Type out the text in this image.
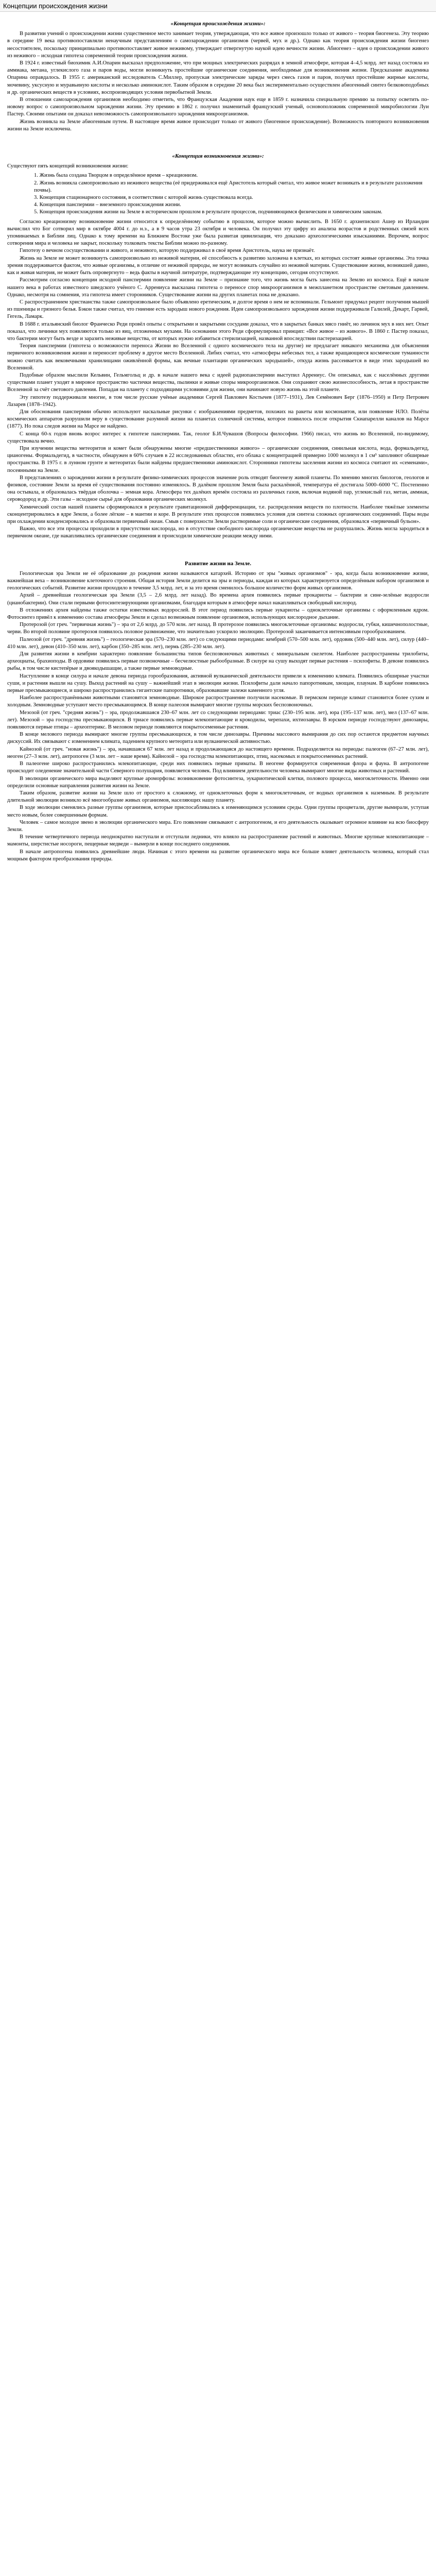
Концепции происхождения жизни
«Концепция происхождения жизни»:

В развитии учений о происхождении жизни существенное место занимает теория, утверждающая, что все живое произошло только от живого – теория биогенеза. Эту теорию в середине 19 века противопоставляли ненаучным представлениям о самозарождении организмов (червей, мух и др.). Однако как теория происхождения жизни биогенез несостоятелен, поскольку принципиально противопоставляет живое неживому, утверждает отвергнутую наукой идею вечности жизни. Абиогенез – идея о происхождении живого из неживого – исходная гипотеза современной теории происхождения жизни.

В 1924 г. известный биохимик А.И.Опарин высказал предположение, что при мощных электрических разрядах в земной атмосфере, которая 4–4,5 млрд. лет назад состояла из аммиака, метана, углекислого газа и паров воды, могли возникнуть простейшие органические соединения, необходимые для возникновения жизни. Предсказание академика Опарина оправдалось. В 1955 г. американский исследователь С.Миллер, пропуская электрические заряды через смесь газов и паров, получил простейшие жирные кислоты, мочевину, уксусную и муравьиную кислоты и несколько аминокислот. Таким образом в середине 20 века был экспериментально осуществлен абиогенный синтез белковоподобных и др. органических веществ в условиях, воспроизводящих условия первобытной Земли.

В отношении самозарождения организмов необходимо отметить, что Французская Академия наук еще в 1859 г. назначила специальную премию за попытку осветить по-новому вопрос о самопроизвольном зарождении жизни. Эту премию в 1862 г. получил знаменитый французский ученый, основоположник современной микробиологии Луи Пастер. Своими опытами он доказал невозможность самопроизвольного зарождения микроорганизмов.

Жизнь возникла на Земле абиогенным путем. В настоящее время живое происходит только от живого (биогенное происхождение). Возможность повторного возникновения жизни на Земле исключена.

«Концепция возникновения жизни»:

Существуют пять концепций возникновения жизни:

1. Жизнь была создана Творцом в определённое время – креационизм.
2. Жизнь возникла самопроизвольно из неживого вещества (её придерживался ещё Аристотель который считал, что живое может возникать и в результате разложения почвы).
3. Концепция стационарного состояния, в соответствии с которой жизнь существовала всегда.
4. Концепция панспермии – внеземного происхождения жизни.
5. Концепция происхождения жизни на Земле в историческом прошлом в результате процессов, подчиняющимся физическим и химическим законам.

Согласно креационизму возникновение жизни относится к определённому событию в прошлом, которое можно вычислить. В 1650 г. архиепископ Ашер из Ирландии вычислил что Бог сотворил мир в октябре 4004 г. до н.э., а в 9 часов утра 23 октября и человека. Он получил эту цифру из анализа возрастов и родственных связей всех упоминаемых в Библии лиц. Однако к тому времени на Ближнем Востоке уже была развитая цивилизация, что доказано археологическими изысканиями. Впрочем, вопрос сотворения мира и человека не закрыт, поскольку толковать тексты Библии можно по-разному.

Гипотезу о вечном сосуществовании и живого, и неживого, которую поддерживал в своё время Аристотель, наука не признаёт.

Жизнь на Земле не может возникнуть самопроизвольно из неживой материи, её способность к развитию заложена в клетках, из которых состоят живые организмы. Эта точка зрения поддерживается фактом, что живые организмы, в отличие от неживой природы, не могут возникать случайно из неживой материи. Существование жизни, возникшей давно, как и живая материя, не может быть опровергнуто – ведь факты в научной литературе, подтверждающие эту концепцию, сегодня отсутствуют.

Рассмотрим согласно концепции исходной панспермии появление жизни на Земле – признание того, что жизнь могла быть занесена на Землю из космоса. Ещё в начале нашего века в работах известного шведского учёного С. Аррениуса высказана гипотеза о переносе спор микроорганизмов в межпланетном пространстве световым давлением. Однако, несмотря на сомнения, эта гипотеза имеет сторонников. Существование жизни на других планетах пока не доказано.

С распространением христианства также самопроизвольное было объявлено еретическим, и долгое время о нем не вспоминали. Гельмонт придумал рецепт получения мышей из пшеницы и грязного белья. Бэкон также считал, что гниение есть зародыш нового рождения. Идеи самопроизвольного зарождения жизни поддерживали Галилей, Декарт, Гарвей, Гегель, Ламарк.

В 1688 г. итальянский биолог Франческо Реди провёл опыты с открытыми и закрытыми сосудами доказал, что в закрытых банках мясо гниёт, но личинок мух в них нет. Опыт показал, что личинки мух появляются только из яиц, отложенных мухами. На основании этого Реди сформулировал принцип: «Все живое – из живого». В 1860 г. Пастер показал, что бактерии могут быть везде и заразить неживые вещества, от которых нужно избавиться стерилизацией, названной впоследствии пастеризацией.

Теория панспермии (гипотеза о возможности переноса Жизни во Вселенной с одного космического тела на другие) не предлагает никакого механизма для объяснения первичного возникновения жизни и переносит проблему в другое место Вселенной. Либих считал, что «атмосферы небесных тел, а также вращающиеся космические туманности можно считать как вековечными хранилищами оживлённой формы, как вечные плантации органических зародышей», откуда жизнь рассеивается в виде этих зародышей во Вселенной.

Подобные образом мыслили Кельвин, Гельмгольц и др. в начале нашего века с идеей радиопанспермии выступил Аррениус. Он описывал, как с населённых другими существами планет уходят в мировое пространство частички вещества, пылинки и живые споры микроорганизмов. Они сохраняют свою жизнеспособность, летая в пространстве Вселенной за счёт светового давления. Попадая на планету с подходящими условиями для жизни, они начинают новую жизнь на этой планете.

Эту гипотезу поддерживали многие, в том числе русские учёные академики Сергей Павлович Костычев (1877–1931), Лев Семёнович Берг (1876–1950) и Петр Петрович Лазарев (1878–1942).

Для обоснования панспермии обычно используют наскальные рисунки с изображениями предметов, похожих на ракеты или космонавтов, или появление НЛО. Полёты космических аппаратов разрушили веру в существование разумной жизни на планетах солнечной системы, которое появилось после открытия Скиапарелли каналов на Марсе (1877). Но пока следов жизни на Марсе не найдено.

С конца 60-х годов вновь возрос интерес к гипотезе панспермии. Так, геолог Б.И.Чувашов (Вопросы философии. 1966) писал, что жизнь во Вселенной, по-видимому, существовала вечно.

При изучении вещества метеоритов и комет были обнаружены многие «предшественники живого» – органические соединения, синильная кислота, вода, формальдегид, цианогены. Формальдегид, в частности, обнаружен в 60% случаев в 22 исследованных областях, его облака с концентрацией примерно 1000 молекул в 1 см³ заполняют обширные пространства. В 1975 г. в лунном грунте и метеоритах были найдены предшественники аминокислот. Сторонники гипотезы заселения жизни из космоса считают их «семенами», посеянными на Земле.

В представлениях о зарождении жизни в результате физико-химических процессов значение роль отводят биогенезу живой планеты. По мнению многих биологов, геологов и физиков, состояние Земли за время её существования постоянно изменялось. В далёком прошлом Земля была раскалённой, температура её достигала 5000–6000 °С. Постепенно она остывала, и образовалась твёрдая оболочка – земная кора. Атмосфера тех далёких времён состояла из различных газов, включая водяной пар, углекислый газ, метан, аммиак, сероводород и др. Эти газы – исходное сырьё для образования органических молекул.

Химический состав нашей планеты сформировался в результате гравитационной дифференциации, т.е. распределения веществ по плотности. Наиболее тяжёлые элементы сконцентрировались в ядре Земли, а более лёгкие – в мантии и коре. В результате этих процессов появились условия для синтеза сложных органических соединений. Пары воды при охлаждении конденсировались и образовали первичный океан. Смыв с поверхности Земли растворимые соли и органические соединения, образовался «первичный бульон».

Важно, что все эти процессы проходили в присутствии кислорода, но в отсутствие свободного кислорода органические вещества не разрушались. Жизнь могла зародиться в первичном океане, где накапливались органические соединения и происходили химические реакции между ними.

Развитие жизни на Земле.

Геологическая эра Земли не её образование до рождения жизни называются катархей. Историю от эры "живых организмов" - эра, когда была возникновение жизни, важнейшая веха – возникновение клеточного строения. Общая история Земли делится на эры и периоды, каждая из которых характеризуется определённым набором организмов и геологических событий. Развитие жизни проходило в течение 3,5 млрд. лет, и за это время сменилось большое количество форм живых организмов.

Архей – древнейшая геологическая эра Земли (3,5 – 2,6 млрд. лет назад). Во времена архея появились первые прокариоты – бактерии и сине-зелёные водоросли (цианобактерии). Они стали первыми фотосинтезирующими организмами, благодаря которым в атмосфере начал накапливаться свободный кислород.

В отложениях архея найдены также остатки известковых водорослей. В этот период появились первые эукариоты – одноклеточные организмы с оформленным ядром. Фотосинтез привёл к изменению состава атмосферы Земли и сделал возможным появление организмов, использующих кислородное дыхание.

Протерозой (от греч. "первичная жизнь") – эра от 2,6 млрд. до 570 млн. лет назад. В протерозое появились многоклеточные организмы: водоросли, губки, кишечнополостные, черви. Во второй половине протерозоя появилось половое размножение, что значительно ускорило эволюцию. Протерозой заканчивается интенсивным горообразованием.

Палеозой (от греч. "древняя жизнь") – геологическая эра (570–230 млн. лет) со следующими периодами: кембрий (570–500 млн. лет), ордовик (500–440 млн. лет), силур (440–410 млн. лет), девон (410–350 млн. лет), карбон (350–285 млн. лет), пермь (285–230 млн. лет).

Для развития жизни в кембрии характерно появление большинства типов беспозвоночных животных с минеральным скелетом. Наиболее распространены трилобиты, археоциаты, брахиоподы. В ордовике появились первые позвоночные – бесчелюстные рыбообразные. В силуре на сушу выходят первые растения – псилофиты. В девоне появились рыбы, в том числе кистепёрые и двоякодышащие, а также первые земноводные.

Наступление в конце силура и начале девона периода горообразования, активной вулканической деятельности привели к изменению климата. Появились обширные участки суши, и растения вышли на сушу. Выход растений на сушу – важнейший этап в эволюции жизни. Псилофиты дали начало папоротникам, хвощам, плаунам. В карбоне появились первые пресмыкающиеся, и широко распространились гигантские папоротники, образовавшие залежи каменного угля.

Наиболее распространёнными животными становятся земноводные. Широкое распространение получили насекомые. В пермском периоде климат становится более сухим и холодным. Земноводные уступают место пресмыкающимся. В конце палеозоя вымирают многие группы морских беспозвоночных.

Мезозой (от греч. "средняя жизнь") – эра, продолжавшаяся 230–67 млн. лет со следующими периодами: триас (230–195 млн. лет), юра (195–137 млн. лет), мел (137–67 млн. лет). Мезозой – эра господства пресмыкающихся. В триасе появились первые млекопитающие и крокодилы, черепахи, ихтиозавры. В юрском периоде господствуют динозавры, появляются первые птицы – археоптерикс. В меловом периоде появляются покрытосеменные растения.

В конце мелового периода вымирают многие группы пресмыкающихся, в том числе динозавры. Причины массового вымирания до сих пор остаются предметом научных дискуссий. Их связывают с изменением климата, падением крупного метеорита или вулканической активностью.

Кайнозой (от греч. "новая жизнь") – эра, начавшаяся 67 млн. лет назад и продолжающаяся до настоящего времени. Подразделяется на периоды: палеоген (67–27 млн. лет), неоген (27–3 млн. лет), антропоген (3 млн. лет – наше время). Кайнозой – эра господства млекопитающих, птиц, насекомых и покрытосеменных растений.

В палеогене широко распространились млекопитающие, среди них появились первые приматы. В неогене формируется современная флора и фауна. В антропогене происходит оледенение значительной части Северного полушария, появляется человек. Под влиянием деятельности человека вымирают многие виды животных и растений.

В эволюции органического мира выделяют крупные ароморфозы: возникновение фотосинтеза, эукариотической клетки, полового процесса, многоклеточности. Именно они определили основные направления развития жизни на Земле.

Таким образом, развитие жизни на Земле шло от простого к сложному, от одноклеточных форм к многоклеточным, от водных организмов к наземным. В результате длительной эволюции возникло всё многообразие живых организмов, населяющих нашу планету.

В ходе эволюции сменялись разные группы организмов, которые приспосабливались к изменяющимся условиям среды. Одни группы процветали, другие вымирали, уступая место новым, более совершенным формам.

Человек – самое молодое звено в эволюции органического мира. Его появление связывают с антропогеном, и его деятельность оказывает огромное влияние на всю биосферу Земли.

В течение четвертичного периода неоднократно наступали и отступали ледники, что влияло на распространение растений и животных. Многие крупные млекопитающие – мамонты, шерстистые носороги, пещерные медведи – вымерли в конце последнего оледенения.

В начале антропогена появились древнейшие люди. Начиная с этого времени на развитие органического мира все больше влияет деятельность человека, который стал мощным фактором преобразования природы.
